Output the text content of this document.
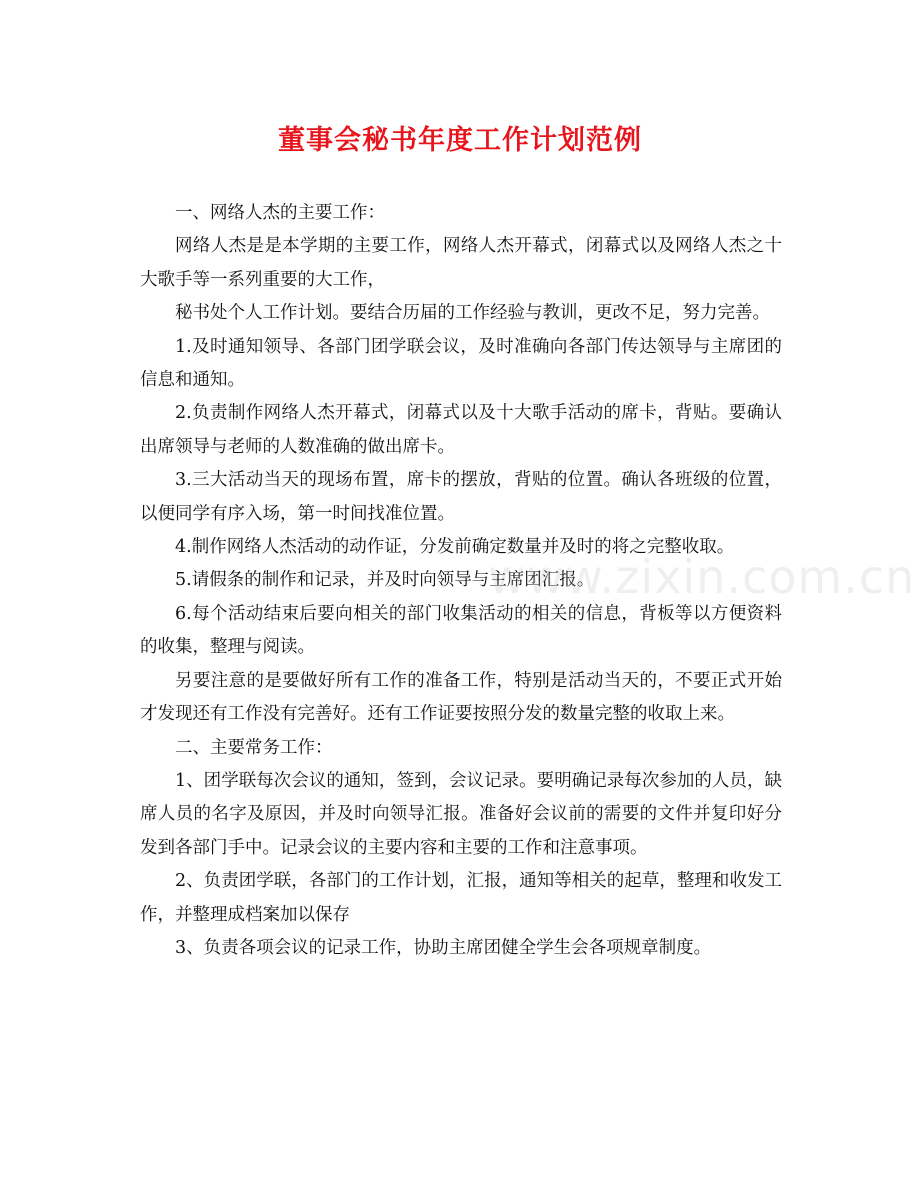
董事会秘书年度工作计划范例

一、网络人杰的主要工作：

网络人杰是是本学期的主要工作，网络人杰开幕式，闭幕式以及网络人杰之十大歌手等一系列重要的大工作，

秘书处个人工作计划。要结合历届的工作经验与教训，更改不足，努力完善。

1.及时通知领导、各部门团学联会议，及时准确向各部门传达领导与主席团的信息和通知。

2.负责制作网络人杰开幕式，闭幕式以及十大歌手活动的席卡，背贴。要确认出席领导与老师的人数准确的做出席卡。

3.三大活动当天的现场布置，席卡的摆放，背贴的位置。确认各班级的位置，以便同学有序入场，第一时间找准位置。

4.制作网络人杰活动的动作证，分发前确定数量并及时的将之完整收取。

5.请假条的制作和记录，并及时向领导与主席团汇报。

6.每个活动结束后要向相关的部门收集活动的相关的信息，背板等以方便资料的收集，整理与阅读。

另要注意的是要做好所有工作的准备工作，特别是活动当天的，不要正式开始才发现还有工作没有完善好。还有工作证要按照分发的数量完整的收取上来。

二、主要常务工作：

1、团学联每次会议的通知，签到，会议记录。要明确记录每次参加的人员，缺席人员的名字及原因，并及时向领导汇报。准备好会议前的需要的文件并复印好分发到各部门手中。记录会议的主要内容和主要的工作和注意事项。

2、负责团学联，各部门的工作计划，汇报，通知等相关的起草，整理和收发工作，并整理成档案加以保存

3、负责各项会议的记录工作，协助主席团健全学生会各项规章制度。

www.zixin.com.cn
